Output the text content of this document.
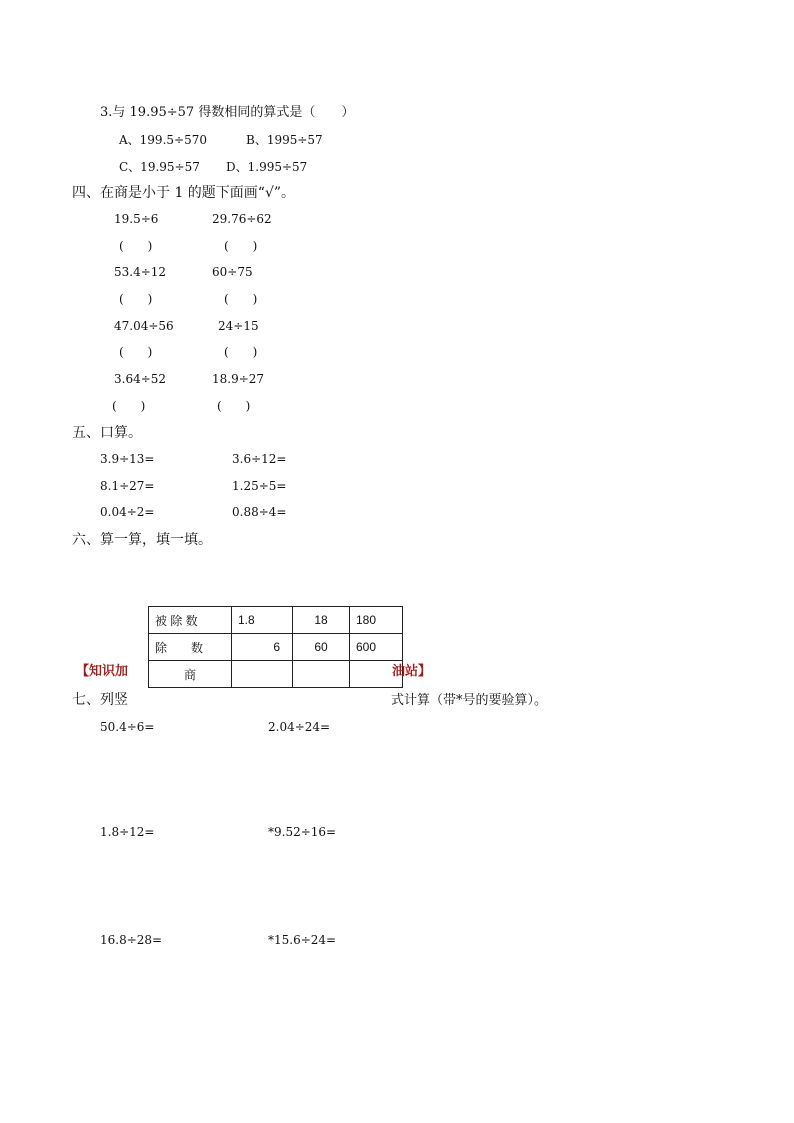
3.与 19.95÷57 得数相同的算式是（　　）
A、199.5÷570	B、1995÷57
C、19.95÷57 D、1.995÷57
四、在商是小于 1 的题下面画“√”。
19.5÷6	29.76÷62
(　　)	(　　)
53.4÷12	60÷75
(　　)	(　　)
47.04÷56	24÷15
(　　)	(　　)
3.64÷52	18.9÷27
(　　)	(　　)
五、口算。
3.9÷13=	3.6÷12=
8.1÷27=	1.25÷5=
0.04÷2=	0.88÷4=
六、算一算，填一填。
被 除 数	1.8	18	180
除　　数	6	60	600
商			
【知识加	油站】
七、列竖	式计算（带*号的要验算）。
50.4÷6=	2.04÷24=
1.8÷12=	*9.52÷16=
16.8÷28=	*15.6÷24=
